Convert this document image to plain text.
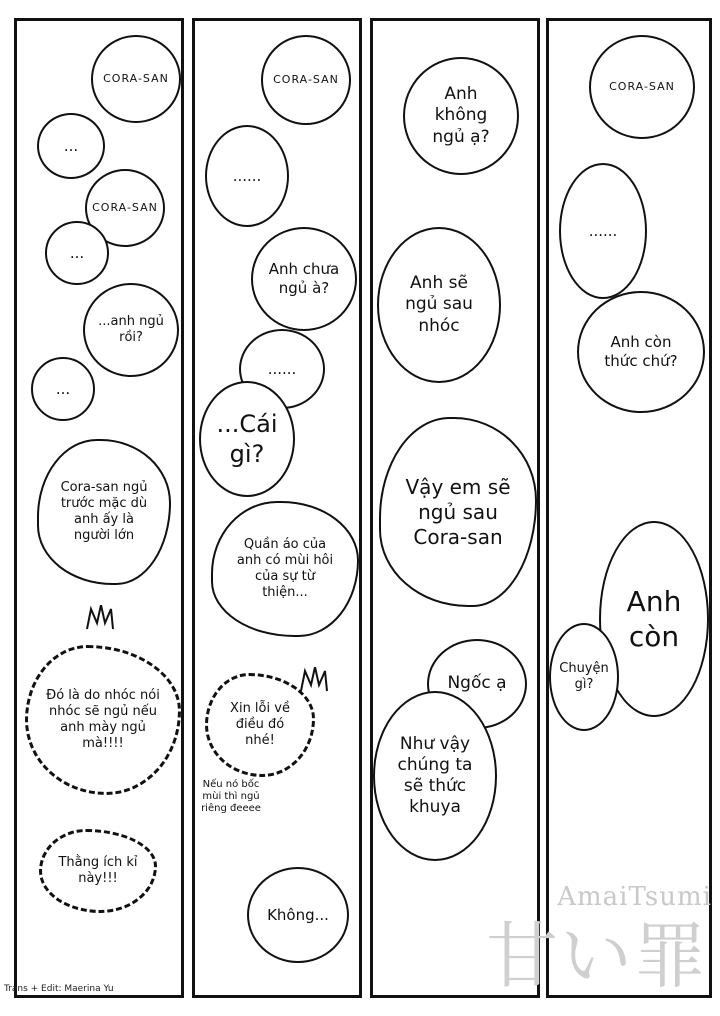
CORA-SAN
...
CORA-SAN
...
...anh ngủ rồi?
...
Cora-san ngủ trước mặc dù anh ấy là người lớn
Đó là do nhóc nói nhóc sẽ ngủ nếu anh mày ngủ mà!!!!
Thằng ích kỉ này!!!
CORA-SAN
......
Anh chưa ngủ à?
......
...Cái gì?
Quần áo của anh có mùi hôi của sự từ thiện...
Xin lỗi về điều đó nhé!
Nếu nó bốc mùi thì ngủ riêng đeeee
Không...
Anh không ngủ ạ?
Anh sẽ ngủ sau nhóc
Vậy em sẽ ngủ sau Cora-san
Ngốc ạ
Như vậy chúng ta sẽ thức khuya
CORA-SAN
......
Anh còn thức chứ?
Anh còn
Chuyện gì?
AmaiTsumi
甘い罪
Trans + Edit: Maerina Yu
